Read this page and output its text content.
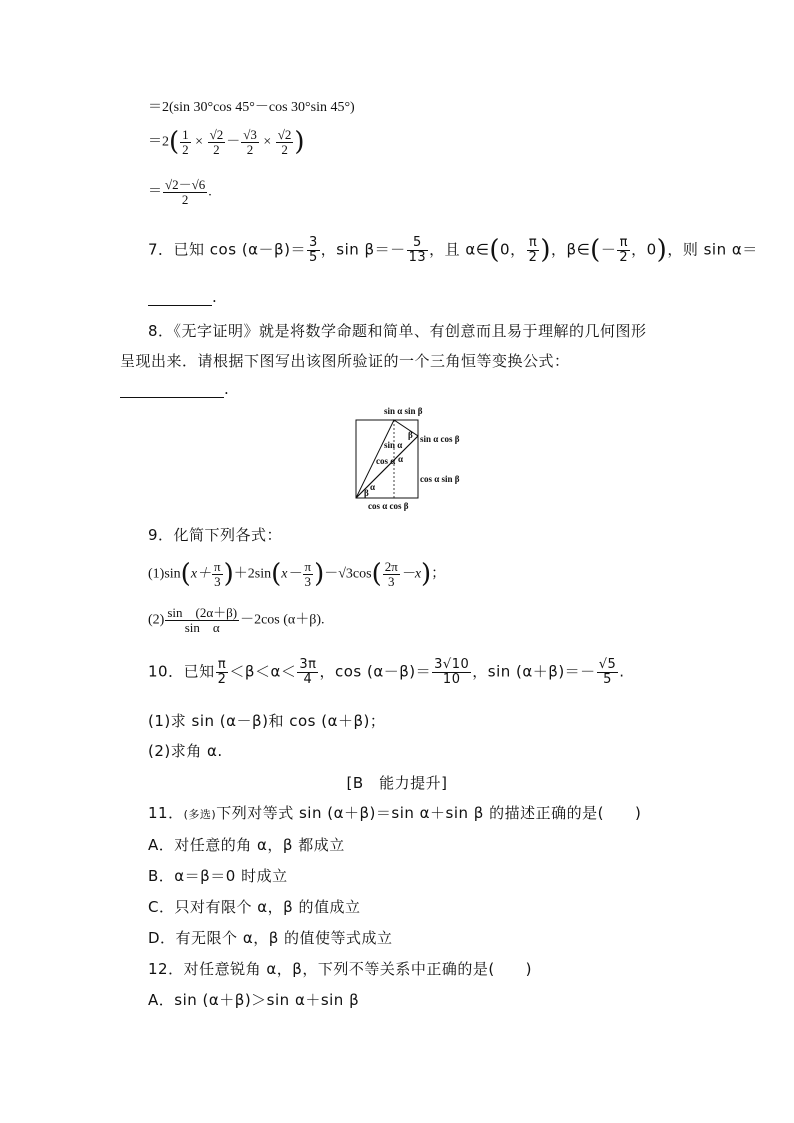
＝2(sin 30°cos 45°－cos 30°sin 45°)
$=2( \frac{1}{2} \times \frac{√2}{2} - \frac{√3}{2} \times \frac{√2}{2}$ )
＝ $\frac{√2-√6}{2}$ .
7．已知 $\cos (\alpha-\beta)= \frac{3}{5}$ ，$\sin \beta=- \frac{5}{13}$ ，且 α∈(0， $\frac{\pi}{2}$ )，β∈(－ $\frac{\pi}{2}$ ，0)，则 sin α＝
.
8．《无字证明》就是将数学命题和简单、有创意而且易于理解的几何图形
呈现出来．请根据下图写出该图所验证的一个三角恒等变换公式：
.
sin α sin β
sin α cos β
cos α sin β
cos α cos β
sin α
cos α
α
α
β
β
9．化简下列各式：
$(1)\sin(x+ \frac{\pi}{3} )+2\sin(x- \frac{\pi}{3} )-√3\cos( \frac{2\pi}{3} -x)$；
$(2) \frac{\sin (2\alpha+\beta)}{\text{sin　α}} -2\cos$ (α＋β).
10．已知 $\frac{\pi}{2} <\beta<\alpha< \frac{3\pi}{4}$ ，$\cos (\alpha-\beta)= \frac{3√10}{10}$ ，$\sin (\alpha+\beta)=- \frac{√5}{5}$ .
(1)求 sin (α－β)和 cos (α＋β)；
(2)求角 α.
[B　能力提升]
11．(多选)下列对等式 sin (α＋β)＝sin α＋sin β 的描述正确的是(　　)
A．对任意的角 α，β 都成立
B．α＝β＝0 时成立
C．只对有限个 α，β 的值成立
D．有无限个 α，β 的值使等式成立
12．对任意锐角 α，β，下列不等关系中正确的是(　　)
A．sin (α＋β)＞sin α＋sin β
